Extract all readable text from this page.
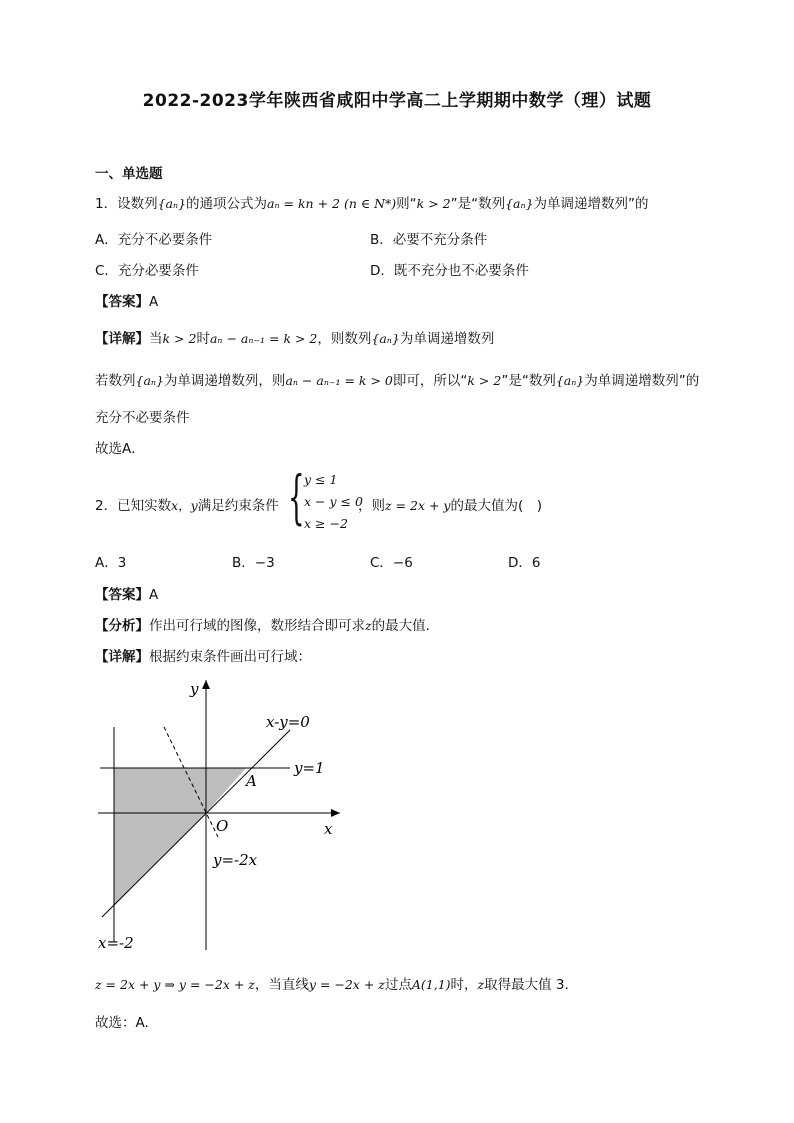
2022-2023学年陕西省咸阳中学高二上学期期中数学（理）试题
一、单选题
1．设数列{aₙ}的通项公式为aₙ = kn + 2 (n ∈ N*)则“k > 2”是“数列{aₙ}为单调递增数列”的
A．充分不必要条件	B．必要不充分条件
C．充分必要条件	D．既不充分也不必要条件
【答案】A
【详解】当k > 2时aₙ − aₙ₋₁ = k > 2，则数列{aₙ}为单调递增数列
若数列{aₙ}为单调递增数列，则aₙ − aₙ₋₁ = k > 0即可，所以“k > 2”是“数列{aₙ}为单调递增数列”的
充分不必要条件
故选A．
2．已知实数x，y满足约束条件 { y ≤ 1
x − y ≤ 0
x ≥ −2
，则z = 2x + y的最大值为(　)
A．3	B．−3	C．−6	D．6
【答案】A
【分析】作出可行域的图像，数形结合即可求z的最大值.
【详解】根据约束条件画出可行域：
y
x
O
A
x-y=0
y=1
y=-2x
x=-2
z = 2x + y ⇒ y = −2x + z，当直线y = −2x + z过点A(1,1)时，z取得最大值 3.
故选：A.
